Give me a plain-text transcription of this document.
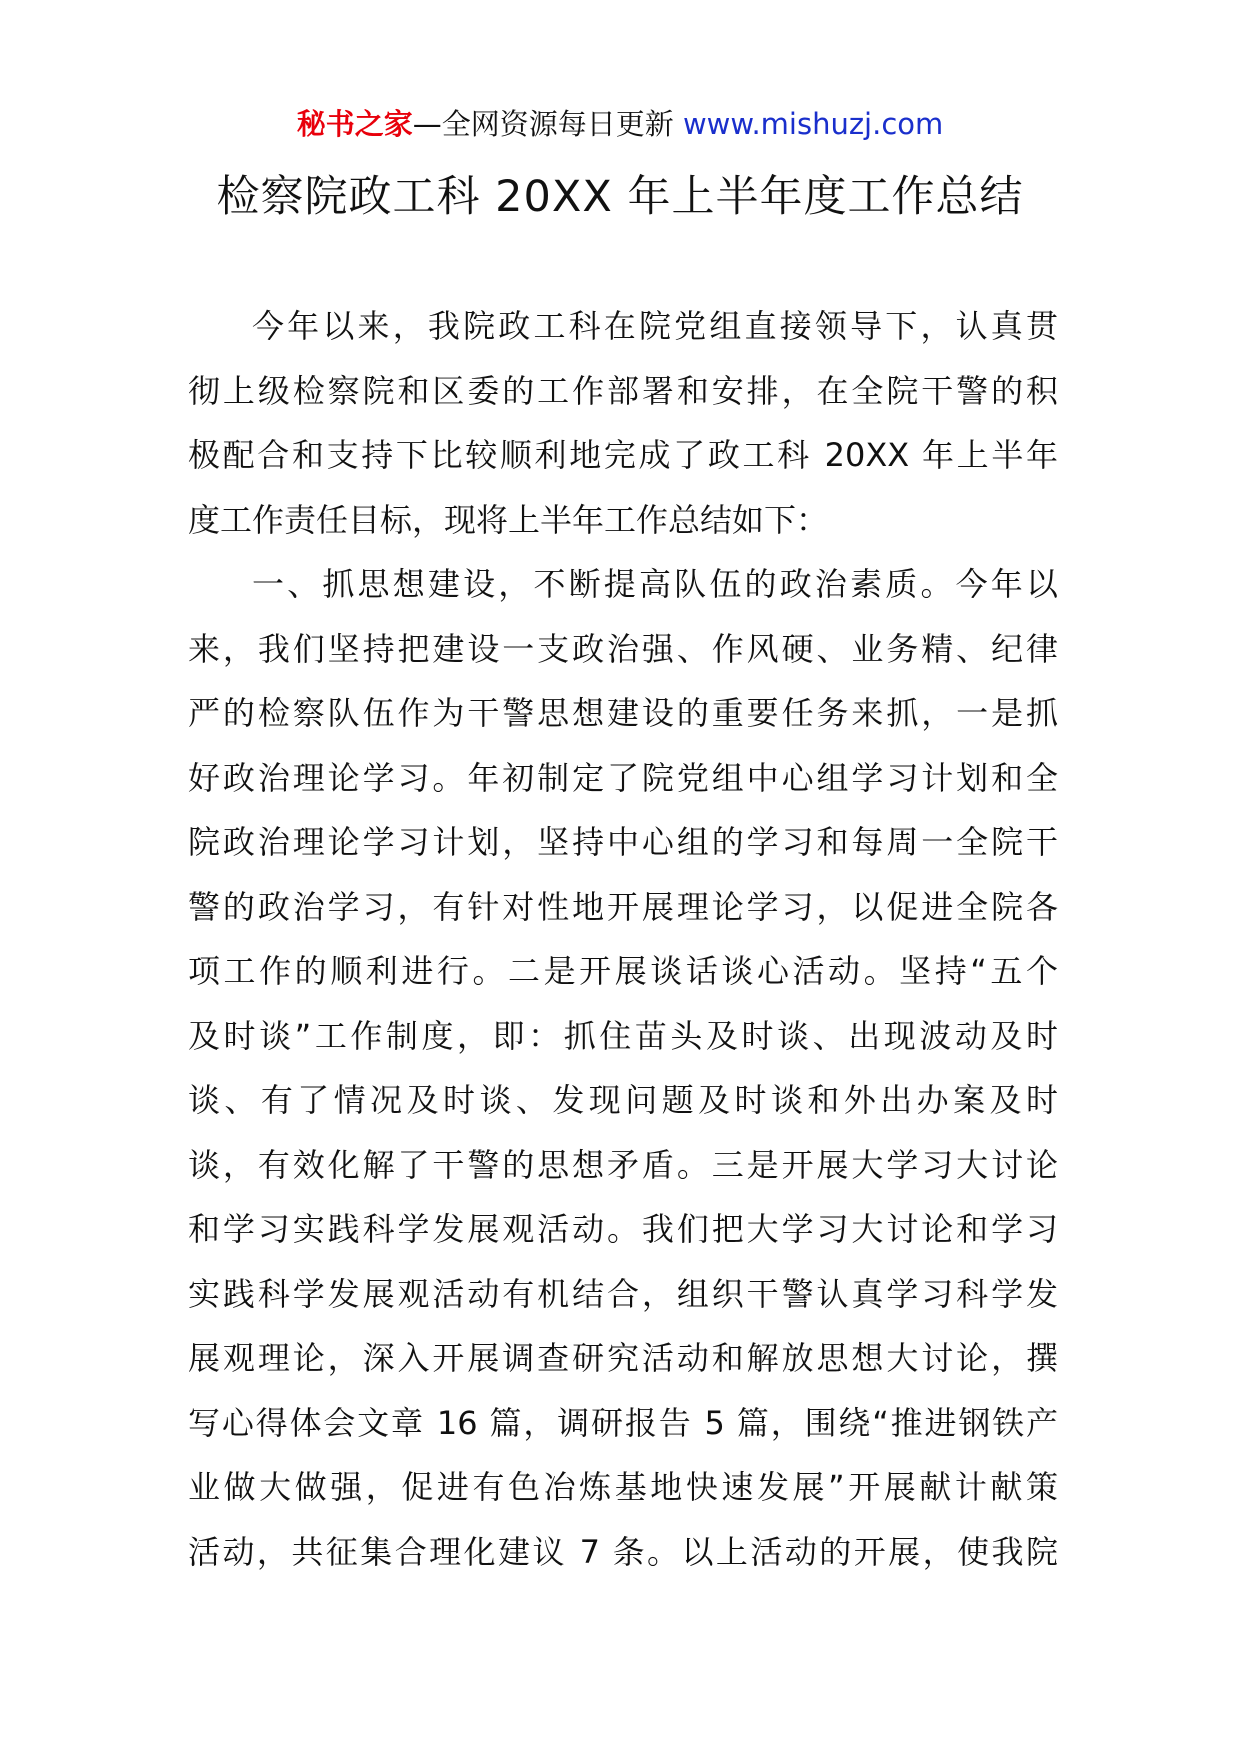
秘书之家—全网资源每日更新 www.mishuzj.com
检察院政工科 20XX 年上半年度工作总结
今年以来，我院政工科在院党组直接领导下，认真贯
彻上级检察院和区委的工作部署和安排，在全院干警的积
极配合和支持下比较顺利地完成了政工科 20XX 年上半年
度工作责任目标，现将上半年工作总结如下：
一、抓思想建设，不断提高队伍的政治素质。今年以
来，我们坚持把建设一支政治强、作风硬、业务精、纪律
严的检察队伍作为干警思想建设的重要任务来抓，一是抓
好政治理论学习。年初制定了院党组中心组学习计划和全
院政治理论学习计划，坚持中心组的学习和每周一全院干
警的政治学习，有针对性地开展理论学习，以促进全院各
项工作的顺利进行。二是开展谈话谈心活动。坚持“五个
及时谈”工作制度，即：抓住苗头及时谈、出现波动及时
谈、有了情况及时谈、发现问题及时谈和外出办案及时
谈，有效化解了干警的思想矛盾。三是开展大学习大讨论
和学习实践科学发展观活动。我们把大学习大讨论和学习
实践科学发展观活动有机结合，组织干警认真学习科学发
展观理论，深入开展调查研究活动和解放思想大讨论，撰
写心得体会文章 16 篇，调研报告 5 篇，围绕“推进钢铁产
业做大做强，促进有色冶炼基地快速发展”开展献计献策
活动，共征集合理化建议 7 条。以上活动的开展，使我院
